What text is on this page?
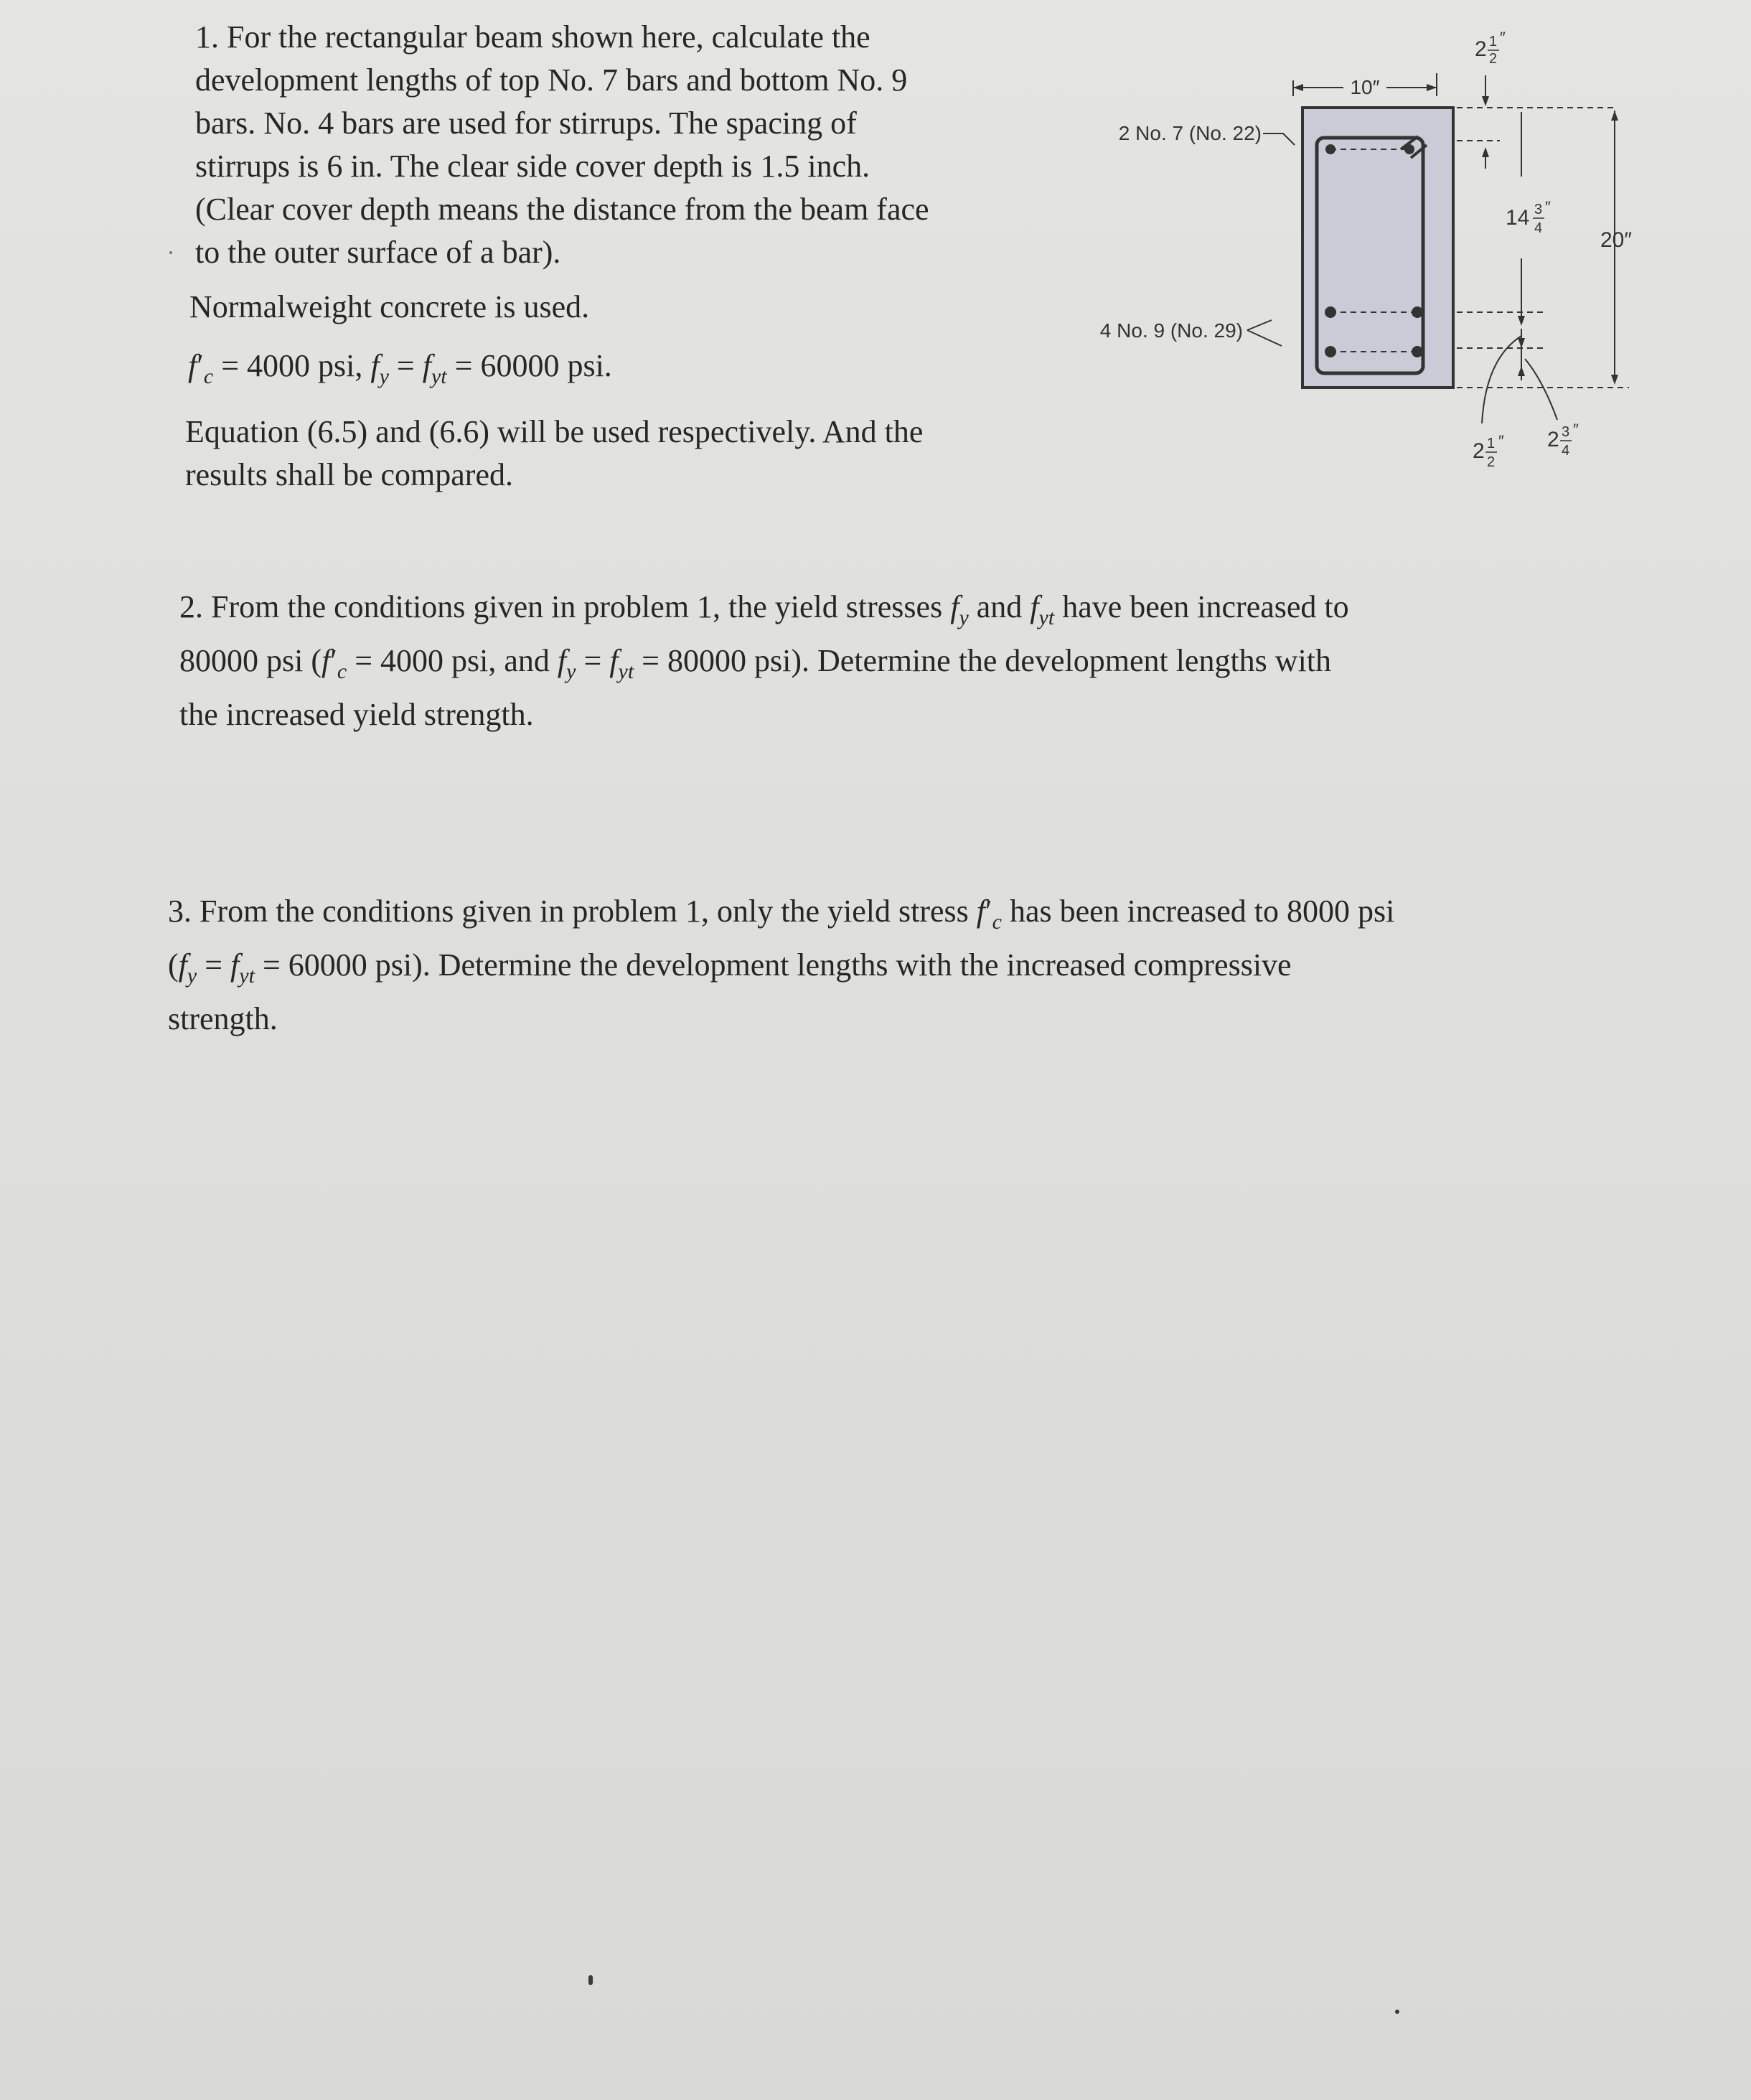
1. For the rectangular beam shown here, calculate the
development lengths of top No. 7 bars and bottom No. 9
bars. No. 4 bars are used for stirrups. The spacing of
stirrups is 6 in. The clear side cover depth is 1.5 inch.
(Clear cover depth means the distance from the beam face
to the outer surface of a bar).
Normalweight concrete is used.
$f'_c = 4000$ psi, $f_y = f_{yt} = 60000$ psi.
Equation (6.5) and (6.6) will be used respectively. And the
results shall be compared.
10″
2 No. 7 (No. 22)
4 No. 9 (No. 29)
2 1
2
″
14 3
4
″
20″
2 1
2
″ 2 3
4
″
2. From the conditions given in problem 1, the yield stresses $f_y$ and $f_{yt}$ have been increased to
80000 psi ($f'_c = 4000$ psi, and $f_y = f_{yt} = 80000$ psi). Determine the development lengths with
the increased yield strength.
3. From the conditions given in problem 1, only the yield stress $f'_c$ has been increased to 8000 psi
($f_y = f_{yt} = 60000$ psi). Determine the development lengths with the increased compressive
strength.
